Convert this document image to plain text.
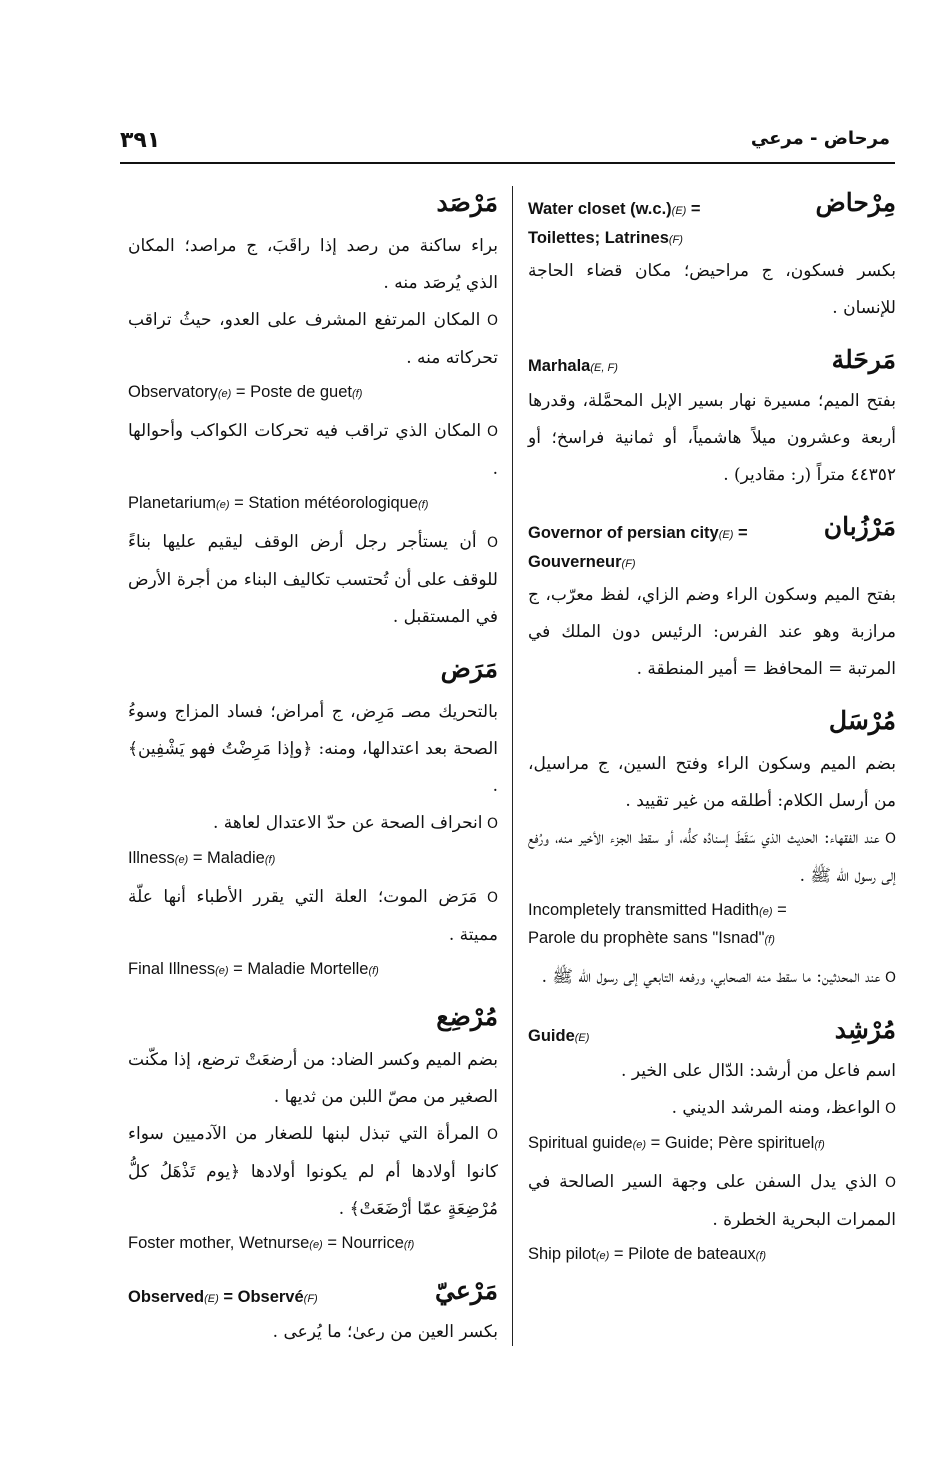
٣٩١	مرحاض - مرعي
مِرْحاض
Water closet (w.c.)(E) =
Toilettes; Latrines(F)
بكسر فسكون، ج مراحيض؛ مكان قضاء الحاجة للإنسان .
مَرحَلة
Marhala(E, F)
بفتح الميم؛ مسيرة نهار بسير الإبل المحمَّلة، وقدرها أربعة وعشرون ميلاً هاشمياً، أو ثمانية فراسخ؛ أو ٤٤٣٥٢ متراً (ر: مقادير) .
مَرْزُبان
Governor of persian city(E) =
Gouverneur(F)
بفتح الميم وسكون الراء وضم الزاي، لفظ معرّب، ج مرازبة وهو عند الفرس: الرئيس دون الملك في المرتبة = المحافظ = أمير المنطقة .
مُرْسَل
بضم الميم وسكون الراء وفتح السين، ج مراسيل، من أرسل الكلام: أطلقه من غير تقييد .
O عند الفقهاء: الحديث الذي سَقَطَ إسنادُه كلُّه، أو سقط الجزء الأخير منه، ورُفع إلى رسول الله ﷺ .
Incompletely transmitted Hadith(e) =
Parole du prophète sans "Isnad"(f)
O عند المحدثين: ما سقط منه الصحابي، ورفعه التابعي إلى رسول الله ﷺ .
مُرْشِد
Guide(E)
اسم فاعل من أرشد: الدّال على الخير .
O الواعظ، ومنه المرشد الديني .
Spiritual guide(e) = Guide; Père spirituel(f)
O الذي يدل السفن على وجهة السير الصالحة في الممرات البحرية الخطرة .
Ship pilot(e) = Pilote de bateaux(f)
مَرْصَد
براء ساكنة من رصد إذا راقَبَ، ج مراصد؛ المكان الذي يُرصَد منه .
O المكان المرتفع المشرف على العدو، حيثُ تراقب تحركاته منه .
Observatory(e) = Poste de guet(f)
O المكان الذي تراقب فيه تحركات الكواكب وأحوالها .
Planetarium(e) = Station météorologique(f)
O أن يستأجر رجل أرض الوقف ليقيم عليها بناءً للوقف على أن تُحتسب تكاليف البناء من أجرة الأرض في المستقبل .
مَرَض
بالتحريك مصـ مَرِض، ج أمراض؛ فساد المزاج وسوءُ الصحة بعد اعتدالها، ومنه: ﴿وإذا مَرِضْتُ فهو يَشْفِين﴾ .
O انحراف الصحة عن حدّ الاعتدال لعاهة .
Illness(e) = Maladie(f)
O مَرَض الموت؛ العلة التي يقرر الأطباء أنها علّة مميتة .
Final Illness(e) = Maladie Mortelle(f)
مُرْضِع
بضم الميم وكسر الضاد: من أرضعَتْ ترضع، إذا مكّنت الصغير من مصّ اللبن من ثديها .
O المرأة التي تبذل لبنها للصغار من الآدميين سواء كانوا أولادها أم لم يكونوا أولادها ﴿يوم تَذْهَلُ كلُّ مُرْضِعَةٍ عمّا أرْضَعَتْ﴾ .
Foster mother, Wetnurse(e) = Nourrice(f)
مَرْعيّ
Observed(E) = Observé(F)
بكسر العين من رعىٰ؛ ما يُرعى .
